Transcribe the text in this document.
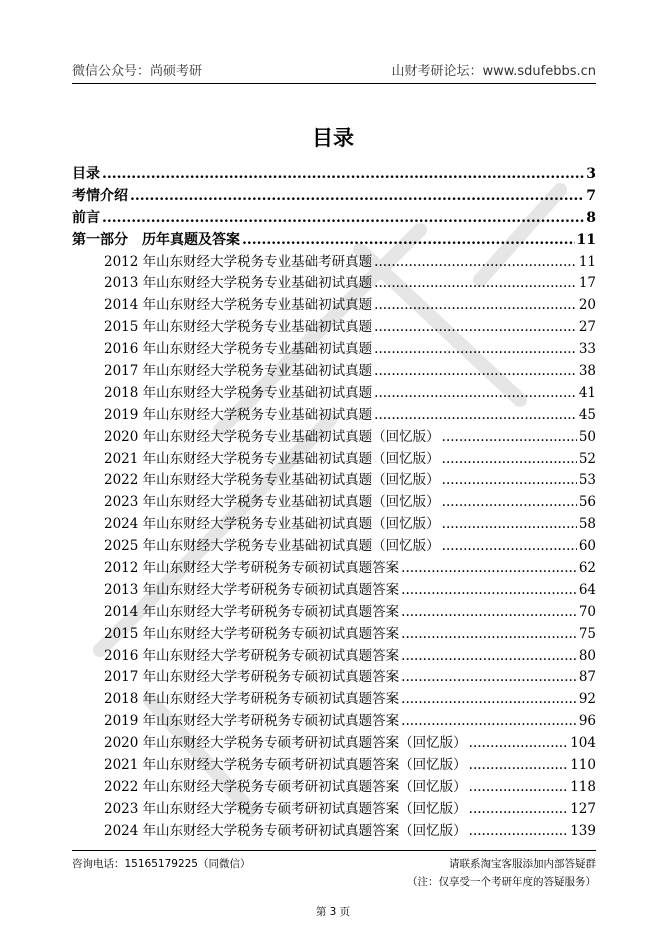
微信公众号：尚硕考研	山财考研论坛：www.sdufebbs.cn
目录
目录 .....	3
考情介绍 .....	7
前言 .....	8
第一部分　历年真题及答案 .....	11
2012 年山东财经大学税务专业基础考研真题 .....	11
2013 年山东财经大学税务专业基础初试真题 .....	17
2014 年山东财经大学税务专业基础初试真题 .....	20
2015 年山东财经大学税务专业基础初试真题 .....	27
2016 年山东财经大学税务专业基础初试真题 .....	33
2017 年山东财经大学税务专业基础初试真题 .....	38
2018 年山东财经大学税务专业基础初试真题 .....	41
2019 年山东财经大学税务专业基础初试真题 .....	45
2020 年山东财经大学税务专业基础初试真题（回忆版） .....	50
2021 年山东财经大学税务专业基础初试真题（回忆版） .....	52
2022 年山东财经大学税务专业基础初试真题（回忆版） .....	53
2023 年山东财经大学税务专业基础初试真题（回忆版） .....	56
2024 年山东财经大学税务专业基础初试真题（回忆版） .....	58
2025 年山东财经大学税务专业基础初试真题（回忆版） .....	60
2012 年山东财经大学考研税务专硕初试真题答案 .....	62
2013 年山东财经大学考研税务专硕初试真题答案 .....	64
2014 年山东财经大学考研税务专硕初试真题答案 .....	70
2015 年山东财经大学考研税务专硕初试真题答案 .....	75
2016 年山东财经大学考研税务专硕初试真题答案 .....	80
2017 年山东财经大学考研税务专硕初试真题答案 .....	87
2018 年山东财经大学考研税务专硕初试真题答案 .....	92
2019 年山东财经大学考研税务专硕初试真题答案 .....	96
2020 年山东财经大学税务专硕考研初试真题答案（回忆版） .....	104
2021 年山东财经大学税务专硕考研初试真题答案（回忆版） .....	110
2022 年山东财经大学税务专硕考研初试真题答案（回忆版） .....	118
2023 年山东财经大学税务专硕考研初试真题答案（回忆版） .....	127
2024 年山东财经大学税务专硕考研初试真题答案（回忆版） .....	139
咨询电话：15165179225（同微信）	请联系淘宝客服添加内部答疑群
（注：仅享受一个考研年度的答疑服务）
第 3 页
